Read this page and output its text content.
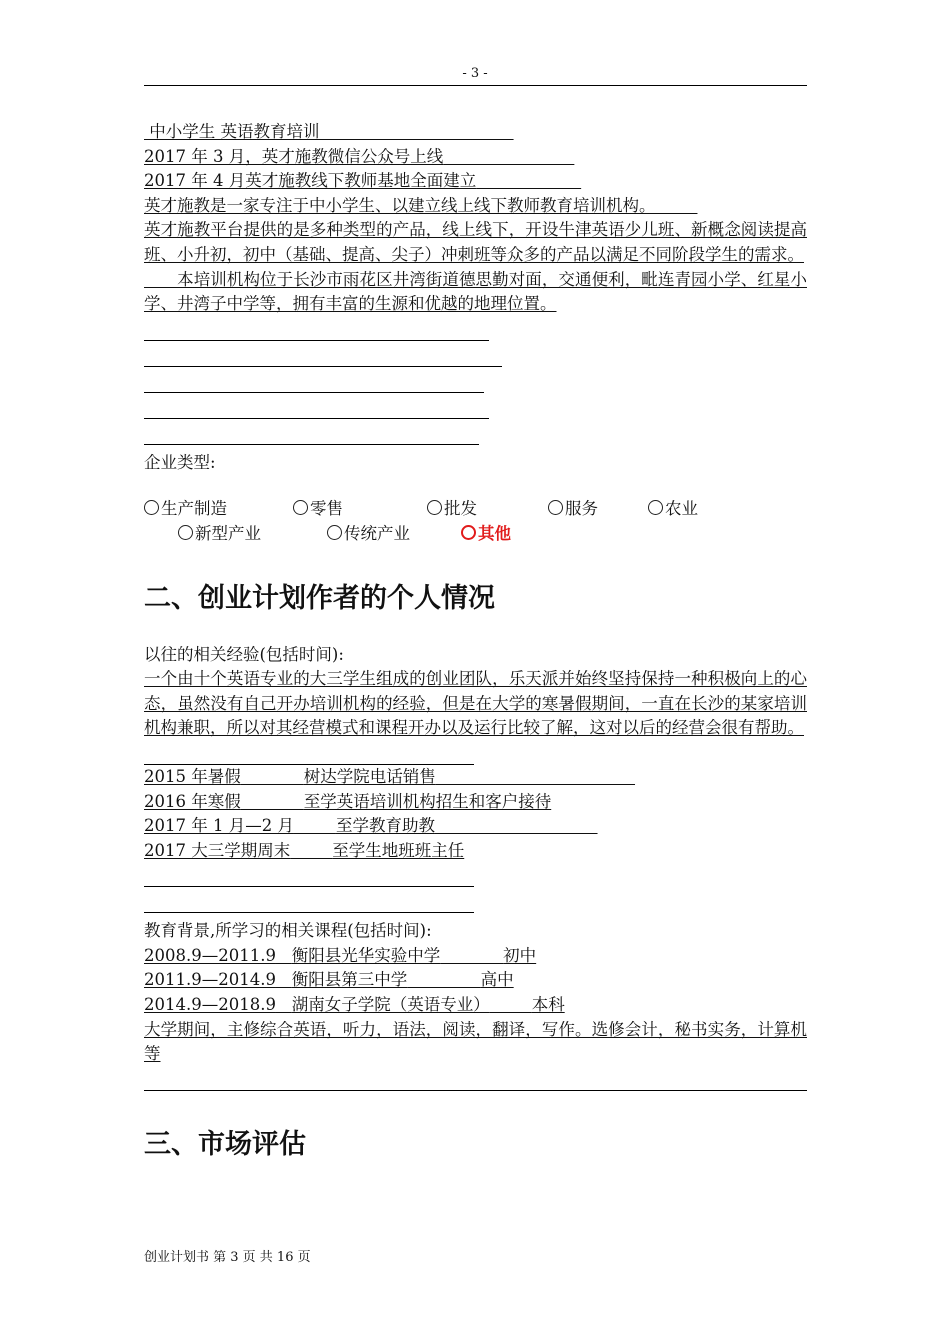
- 3 -
中小学生 英语教育培训
2017 年 3 月，英才施教微信公众号上线
2017 年 4 月英才施教线下教师基地全面建立
英才施教是一家专注于中小学生、以建立线上线下教师教育培训机构。
英才施教平台提供的是多种类型的产品，线上线下，开设牛津英语少儿班、新概念阅读提高班、小升初，初中（基础、提高、尖子）冲刺班等众多的产品以满足不同阶段学生的需求。
　　本培训机构位于长沙市雨花区井湾街道德思勤对面，交通便利，毗连青园小学、红星小学、井湾子中学等，拥有丰富的生源和优越的地理位置。
企业类型:
生产制造	零售	批发	服务	农业
新型产业	传统产业	其他
二、创业计划作者的个人情况
以往的相关经验(包括时间):
一个由十个英语专业的大三学生组成的创业团队，乐天派并始终坚持保持一种积极向上的心态，虽然没有自己开办培训机构的经验，但是在大学的寒暑假期间，一直在长沙的某家培训机构兼职，所以对其经营模式和课程开办以及运行比较了解，这对以后的经营会很有帮助。
2015 年暑假	树达学院电话销售
2016 年寒假	至学英语培训机构招生和客户接待
2017 年 1 月—2 月	至学教育助教
2017 大三学期周末	至学生地班班主任
教育背景,所学习的相关课程(包括时间):
2008.9—2011.9 衡阳县光华实验中学	初中
2011.9—2014.9 衡阳县第三中学	高中
2014.9—2018.9 湖南女子学院（英语专业）	本科
大学期间，主修综合英语，听力，语法，阅读，翻译，写作。选修会计，秘书实务，计算机等
三、市场评估
创业计划书 第 3 页 共 16 页
